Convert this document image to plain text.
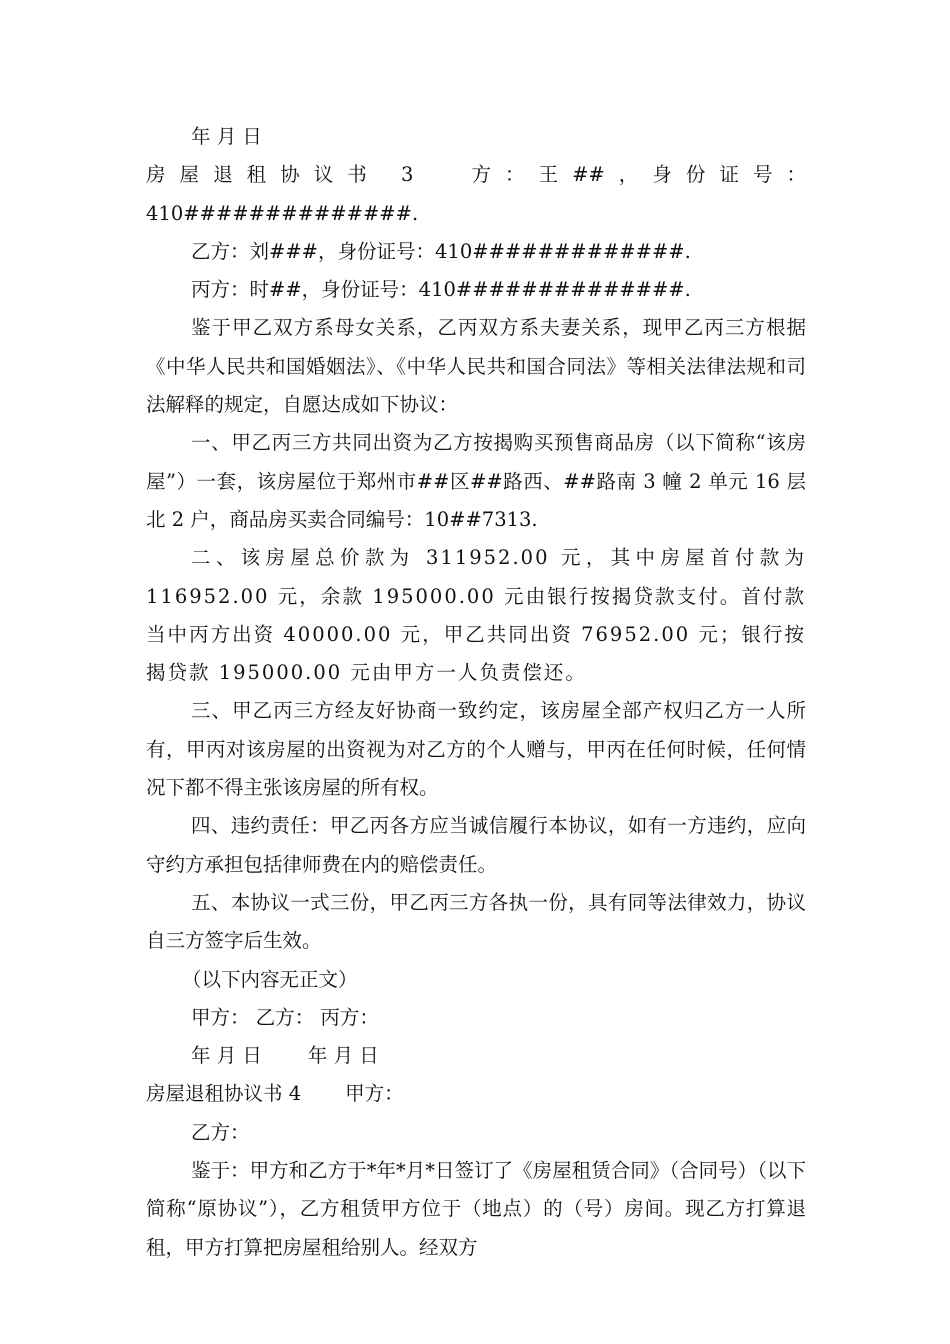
年 月 日

房屋退租协议书 3 方：王##，身份证号：410##############.

乙方：刘###，身份证号：410#############.

丙方：时##，身份证号：410##############.

鉴于甲乙双方系母女关系，乙丙双方系夫妻关系，现甲乙丙三方根据《中华人民共和国婚姻法》、《中华人民共和国合同法》等相关法律法规和司法解释的规定，自愿达成如下协议：

一、甲乙丙三方共同出资为乙方按揭购买预售商品房（以下简称“该房屋”）一套，该房屋位于郑州市##区##路西、##路南 3 幢 2 单元 16 层北 2 户，商品房买卖合同编号：10##7313.

二、该房屋总价款为 311952.00 元，其中房屋首付款为 116952.00 元，余款 195000.00 元由银行按揭贷款支付。首付款当中丙方出资 40000.00 元，甲乙共同出资 76952.00 元；银行按揭贷款 195000.00 元由甲方一人负责偿还。

三、甲乙丙三方经友好协商一致约定，该房屋全部产权归乙方一人所有，甲丙对该房屋的出资视为对乙方的个人赠与，甲丙在任何时候，任何情况下都不得主张该房屋的所有权。

四、违约责任：甲乙丙各方应当诚信履行本协议，如有一方违约，应向守约方承担包括律师费在内的赔偿责任。

五、本协议一式三份，甲乙丙三方各执一份，具有同等法律效力，协议自三方签字后生效。

（以下内容无正文）

甲方： 乙方： 丙方：

年 月 日 年 月 日

房屋退租协议书 4 甲方：

乙方：

鉴于：甲方和乙方于*年*月*日签订了《房屋租赁合同》（合同号）（以下简称“原协议”），乙方租赁甲方位于（地点）的（号）房间。现乙方打算退租，甲方打算把房屋租给别人。经双方
